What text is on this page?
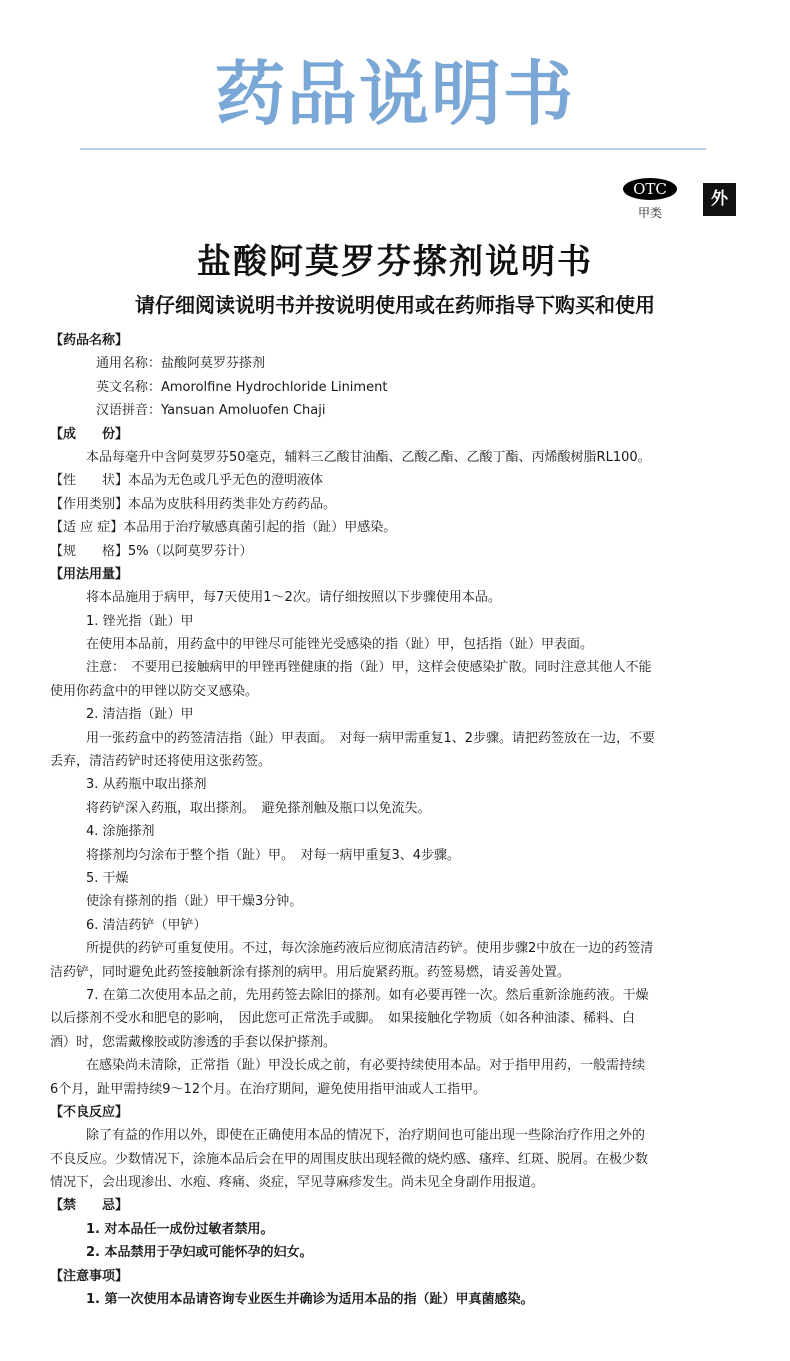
药品说明书
OTC
甲类
外
盐酸阿莫罗芬搽剂说明书
请仔细阅读说明书并按说明使用或在药师指导下购买和使用
【药品名称】
通用名称：盐酸阿莫罗芬搽剂
英文名称：Amorolfine Hydrochloride Liniment
汉语拼音：Yansuan Amoluofen Chaji
【成　　份】
本品每毫升中含阿莫罗芬50毫克，辅料三乙酸甘油酯、乙酸乙酯、乙酸丁酯、丙烯酸树脂RL100。
【性　　状】本品为无色或几乎无色的澄明液体
【作用类别】本品为皮肤科用药类非处方药药品。
【适 应 症】本品用于治疗敏感真菌引起的指（趾）甲感染。
【规　　格】5%（以阿莫罗芬计）
【用法用量】
将本品施用于病甲，每7天使用1～2次。请仔细按照以下步骤使用本品。
1. 锉光指（趾）甲
在使用本品前，用药盒中的甲锉尽可能锉光受感染的指（趾）甲，包括指（趾）甲表面。
注意：　不要用已接触病甲的甲锉再锉健康的指（趾）甲，这样会使感染扩散。同时注意其他人不能
使用你药盒中的甲锉以防交叉感染。
2. 清洁指（趾）甲
用一张药盒中的药签清洁指（趾）甲表面。　对每一病甲需重复1、2步骤。请把药签放在一边，不要
丢弃，清洁药铲时还将使用这张药签。
3. 从药瓶中取出搽剂
将药铲深入药瓶，取出搽剂。　避免搽剂触及瓶口以免流失。
4. 涂施搽剂
将搽剂均匀涂布于整个指（趾）甲。　对每一病甲重复3、4步骤。
5. 干燥
使涂有搽剂的指（趾）甲干燥3分钟。
6. 清洁药铲（甲铲）
所提供的药铲可重复使用。不过，每次涂施药液后应彻底清洁药铲。使用步骤2中放在一边的药签清
洁药铲，同时避免此药签接触新涂有搽剂的病甲。用后旋紧药瓶。药签易燃，请妥善处置。
7. 在第二次使用本品之前，先用药签去除旧的搽剂。如有必要再锉一次。然后重新涂施药液。干燥
以后搽剂不受水和肥皂的影响，　因此您可正常洗手或脚。　如果接触化学物质（如各种油漆、稀料、白
酒）时，您需戴橡胶或防渗透的手套以保护搽剂。
在感染尚未清除，正常指（趾）甲没长成之前，有必要持续使用本品。对于指甲用药，一般需持续
6个月，趾甲需持续9～12个月。在治疗期间，避免使用指甲油或人工指甲。
【不良反应】
除了有益的作用以外，即使在正确使用本品的情况下，治疗期间也可能出现一些除治疗作用之外的
不良反应。少数情况下，涂施本品后会在甲的周围皮肤出现轻微的烧灼感、瘙痒、红斑、脱屑。在极少数
情况下，会出现渗出、水疱、疼痛、炎症，罕见荨麻疹发生。尚未见全身副作用报道。
【禁　　忌】
1. 对本品任一成份过敏者禁用。
2. 本品禁用于孕妇或可能怀孕的妇女。
【注意事项】
1. 第一次使用本品请咨询专业医生并确诊为适用本品的指（趾）甲真菌感染。
